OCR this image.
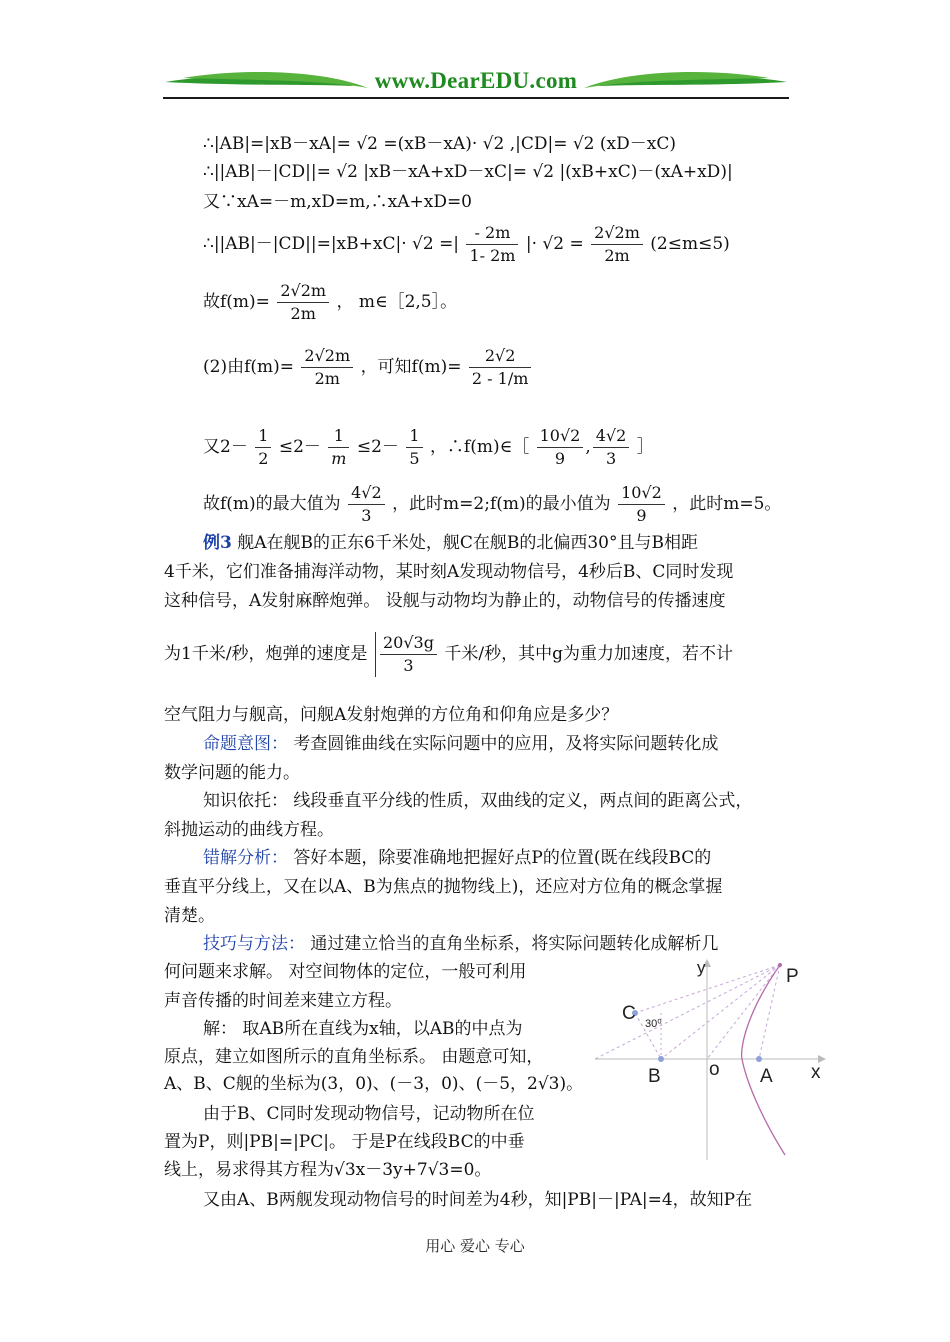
www.DearEDU.com
∴|AB|=|xB－xA|= √2 =(xB－xA)· √2 ,|CD|= √2 (xD－xC)
∴||AB|－|CD||= √2 |xB－xA+xD－xC|= √2 |(xB+xC)－(xA+xD)|
又∵xA=－m,xD=m,∴xA+xD=0
∴||AB|－|CD||=|xB+xC|· √2 =| $\frac{- 2m}{1- 2m}$ |· $√2 = \frac{2√2m}{2m} (2\le m\le 5)$
故$f(m)= \frac{2√2m}{2m}$ ， m∈［2,5］。
(2)由$f(m)= \frac{2√2m}{2m}$ ，可知$f(m)= \frac{2√2}{2 - 1/m}$
又$2- \frac{1}{2} \le 2- \frac{1}{m} \le 2- \frac{1}{5}$ ，∴f(m)∈［ $\frac{10√2}{9}$ , $\frac{4√2}{3}$ ］
故f(m)的最大值为 $\frac{4√2}{3}$ ，此时m=2;f(m)的最小值为 $\frac{10√2}{9}$ ，此时m=5。
例3 舰A在舰B的正东6千米处，舰C在舰B的北偏西30°且与B相距
4千米，它们准备捕海洋动物，某时刻A发现动物信号，4秒后B、C同时发现
这种信号，A发射麻醉炮弹。 设舰与动物均为静止的，动物信号的传播速度
为1千米/秒，炮弹的速度是 $\frac{20√3g}{3}$ 千米/秒，其中g为重力加速度，若不计
空气阻力与舰高，问舰A发射炮弹的方位角和仰角应是多少？
命题意图： 考查圆锥曲线在实际问题中的应用，及将实际问题转化成
数学问题的能力。
知识依托： 线段垂直平分线的性质，双曲线的定义，两点间的距离公式，
斜抛运动的曲线方程。
错解分析： 答好本题，除要准确地把握好点P的位置(既在线段BC的
垂直平分线上，又在以A、B为焦点的抛物线上)，还应对方位角的概念掌握
清楚。
技巧与方法： 通过建立恰当的直角坐标系，将实际问题转化成解析几
何问题来求解。 对空间物体的定位，一般可利用
声音传播的时间差来建立方程。
解： 取AB所在直线为x轴，以AB的中点为
原点，建立如图所示的直角坐标系。 由题意可知，
A、B、C舰的坐标为(3，0)、(－3，0)、(－5，2√3)。
由于B、C同时发现动物信号，记动物所在位
置为P，则|PB|=|PC|。 于是P在线段BC的中垂
线上，易求得其方程为√3x－3y+7√3=0。
又由A、B两舰发现动物信号的时间差为4秒，知|PB|－|PA|=4，故知P在
y	P
C 30⁰
B	o A x
用心 爱心 专心
